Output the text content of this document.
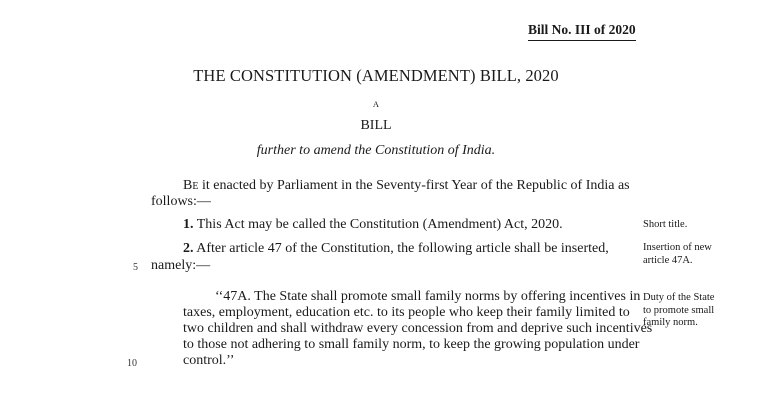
Bill No. III of 2020
THE CONSTITUTION (AMENDMENT) BILL, 2020
A
BILL
further to amend the Constitution of India.
Be it enacted by Parliament in the Seventy-first Year of the Republic of India as
follows:—
1. This Act may be called the Constitution (Amendment) Act, 2020.	Short title.
2. After article 47 of the Constitution, the following article shall be inserted,
5 namely:—
Insertion of new article 47A.
‘‘47A. The State shall promote small family norms by offering incentives in
taxes, employment, education etc. to its people who keep their family limited to
two children and shall withdraw every concession from and deprive such incentives
to those not adhering to small family norm, to keep the growing population under
10	control.’’
Duty of the State to promote small family norm.
